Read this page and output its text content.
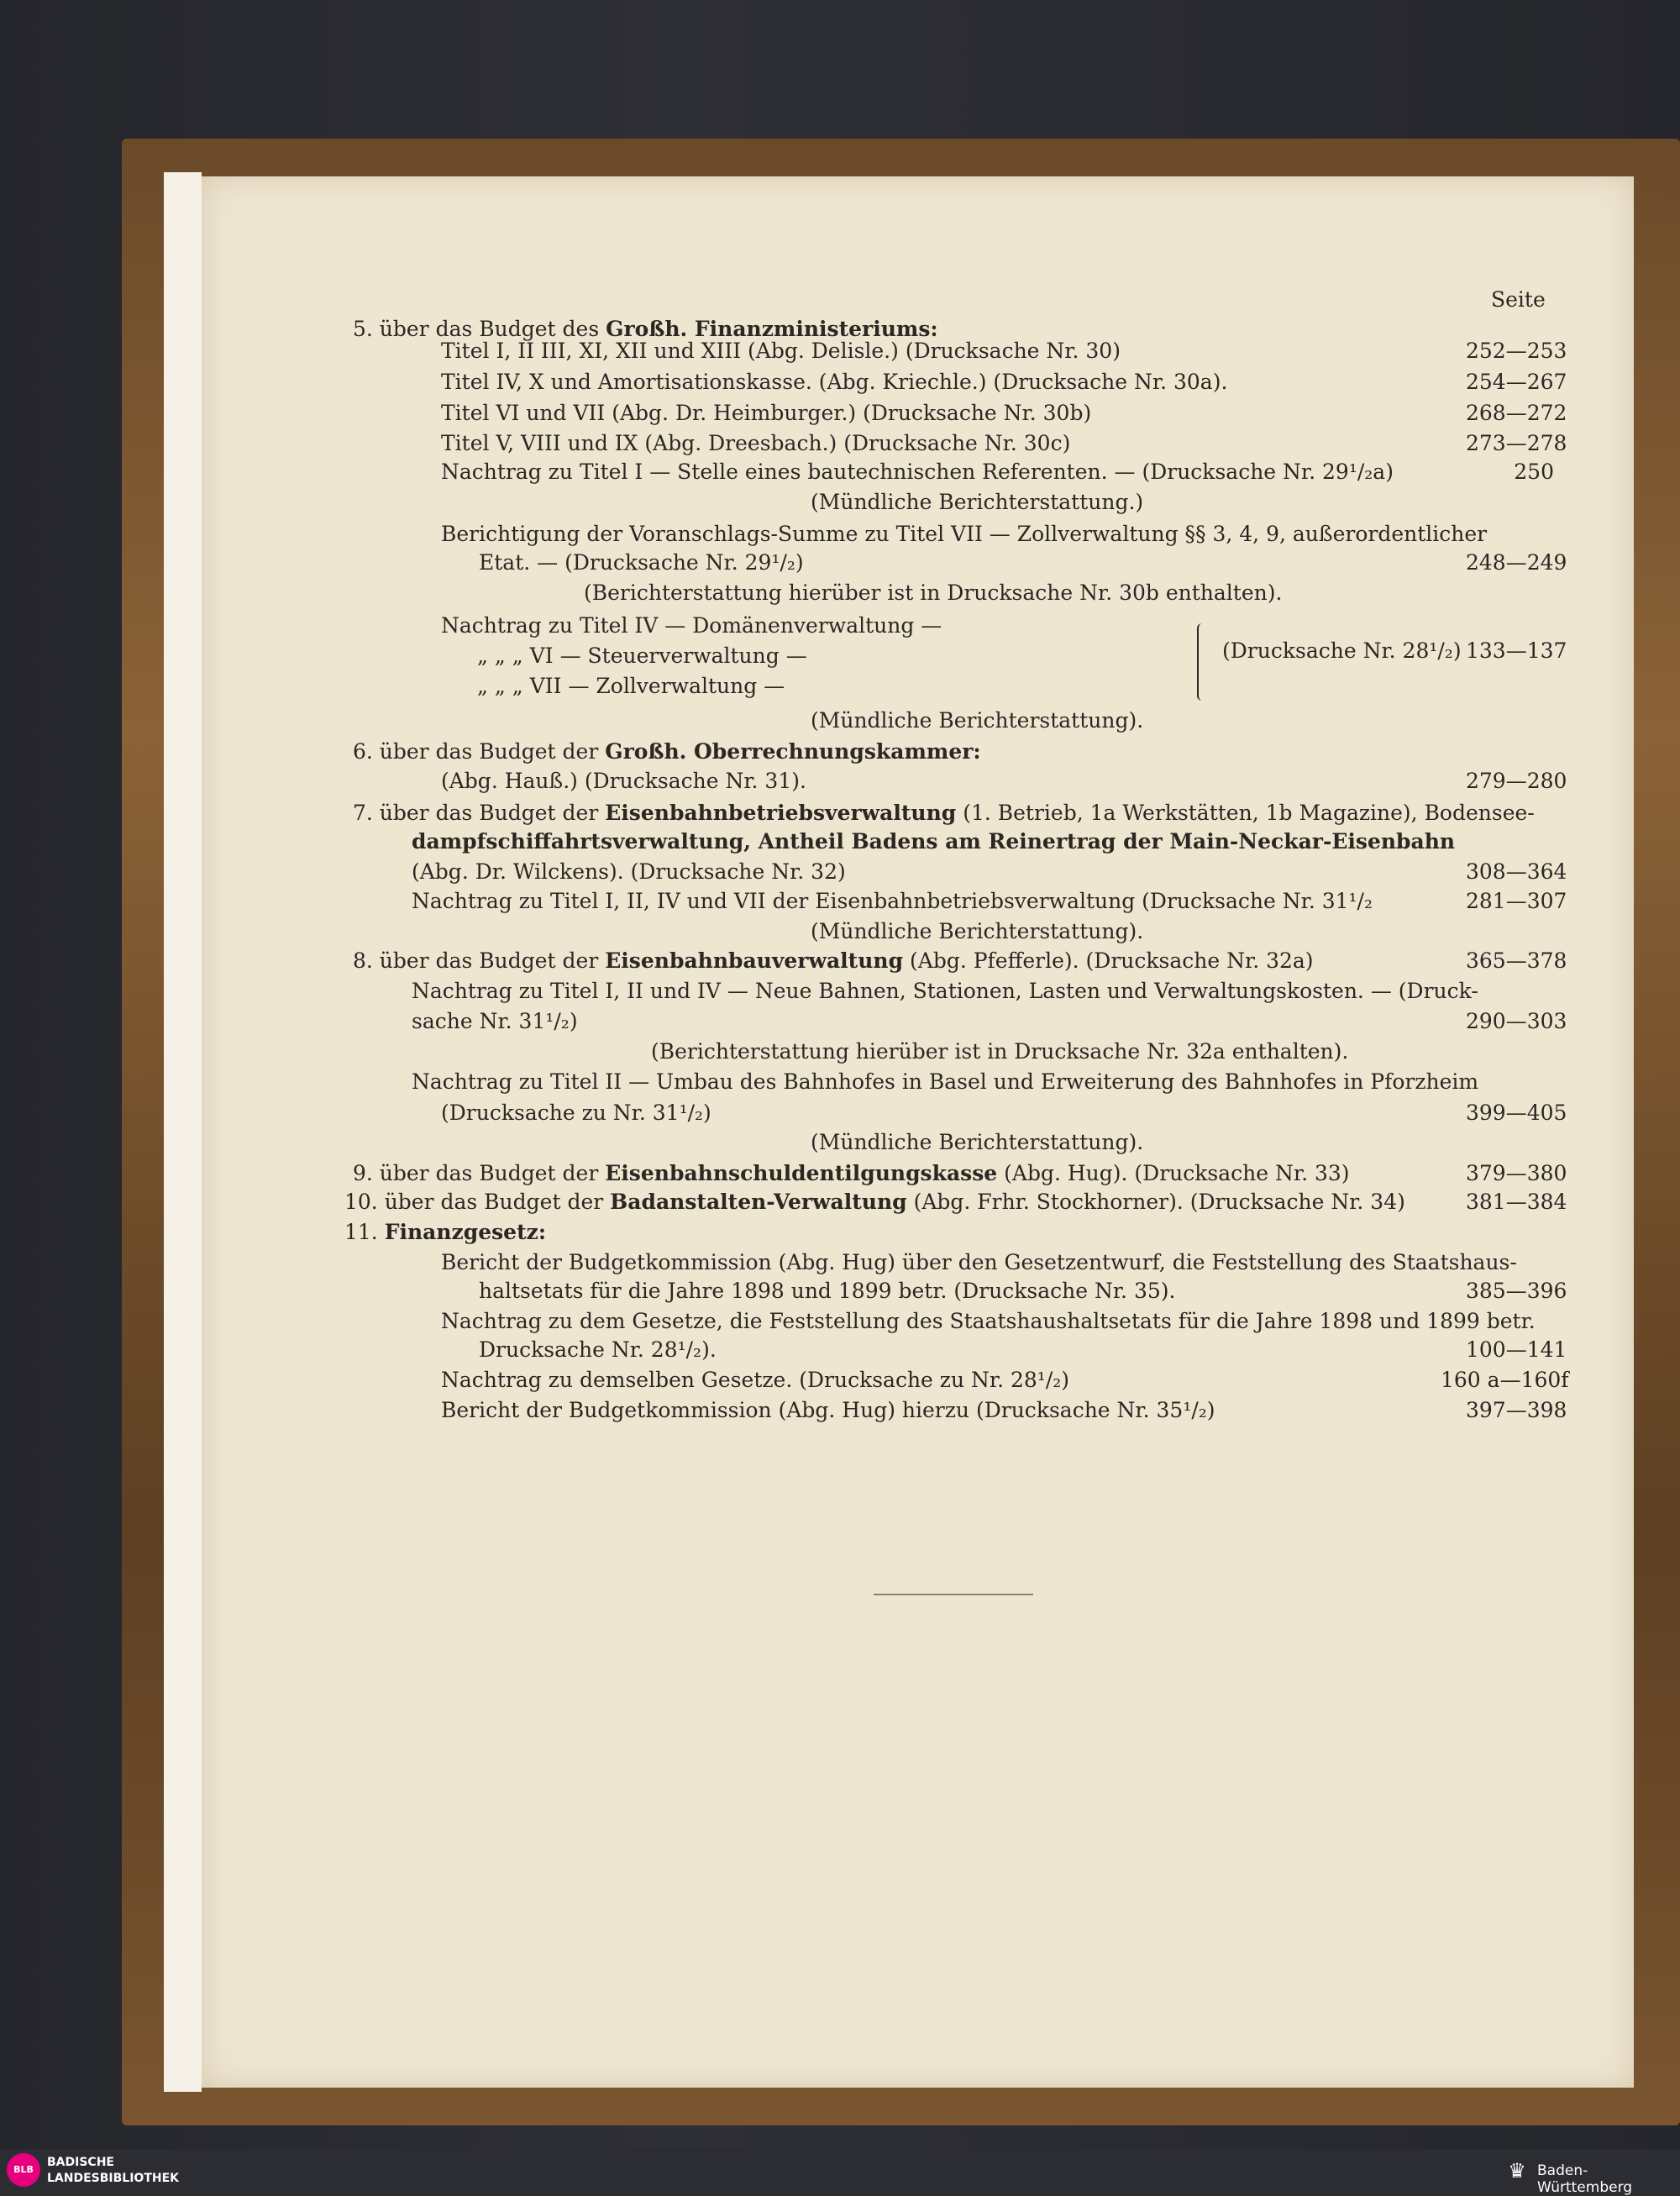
Seite
5. über das Budget des Großh. Finanzministeriums:
Titel I, II III, XI, XII und XIII (Abg. Delisle.) (Drucksache Nr. 30)	252—253
Titel IV, X und Amortisationskasse. (Abg. Kriechle.) (Drucksache Nr. 30a).	254—267
Titel VI und VII (Abg. Dr. Heimburger.) (Drucksache Nr. 30b)	268—272
Titel V, VIII und IX (Abg. Dreesbach.) (Drucksache Nr. 30c)	273—278
Nachtrag zu Titel I — Stelle eines bautechnischen Referenten. — (Drucksache Nr. 29¹/₂a)	250
(Mündliche Berichterstattung.)
Berichtigung der Voranschlags-Summe zu Titel VII — Zollverwaltung §§ 3, 4, 9, außerordentlicher
Etat. — (Drucksache Nr. 29¹/₂)	248—249
(Berichterstattung hierüber ist in Drucksache Nr. 30b enthalten).
Nachtrag zu Titel IV — Domänenverwaltung —
„ „ „ VI — Steuerverwaltung —
„ „ „ VII — Zollverwaltung —
(Drucksache Nr. 28¹/₂) 133—137
(Mündliche Berichterstattung).
6. über das Budget der Großh. Oberrechnungskammer:
(Abg. Hauß.) (Drucksache Nr. 31).	279—280
7. über das Budget der Eisenbahnbetriebsverwaltung (1. Betrieb, 1a Werkstätten, 1b Magazine), Bodensee-
dampfschiffahrtsverwaltung, Antheil Badens am Reinertrag der Main-Neckar-Eisenbahn
(Abg. Dr. Wilckens). (Drucksache Nr. 32)	308—364
Nachtrag zu Titel I, II, IV und VII der Eisenbahnbetriebsverwaltung (Drucksache Nr. 31¹/₂	281—307
(Mündliche Berichterstattung).
8. über das Budget der Eisenbahnbauverwaltung (Abg. Pfefferle). (Drucksache Nr. 32a)	365—378
Nachtrag zu Titel I, II und IV — Neue Bahnen, Stationen, Lasten und Verwaltungskosten. — (Druck-
sache Nr. 31¹/₂)	290—303
(Berichterstattung hierüber ist in Drucksache Nr. 32a enthalten).
Nachtrag zu Titel II — Umbau des Bahnhofes in Basel und Erweiterung des Bahnhofes in Pforzheim
(Drucksache zu Nr. 31¹/₂)	399—405
(Mündliche Berichterstattung).
9. über das Budget der Eisenbahnschuldentilgungskasse (Abg. Hug). (Drucksache Nr. 33)	379—380
10. über das Budget der Badanstalten-Verwaltung (Abg. Frhr. Stockhorner). (Drucksache Nr. 34)	381—384
11. Finanzgesetz:
Bericht der Budgetkommission (Abg. Hug) über den Gesetzentwurf, die Feststellung des Staatshaus-
haltsetats für die Jahre 1898 und 1899 betr. (Drucksache Nr. 35).	385—396
Nachtrag zu dem Gesetze, die Feststellung des Staatshaushaltsetats für die Jahre 1898 und 1899 betr.
Drucksache Nr. 28¹/₂).	100—141
Nachtrag zu demselben Gesetze. (Drucksache zu Nr. 28¹/₂)	160 a—160f
Bericht der Budgetkommission (Abg. Hug) hierzu (Drucksache Nr. 35¹/₂)	397—398
BLB
BADISCHE
LANDESBIBLIOTHEK	♛ Baden-Württemberg
